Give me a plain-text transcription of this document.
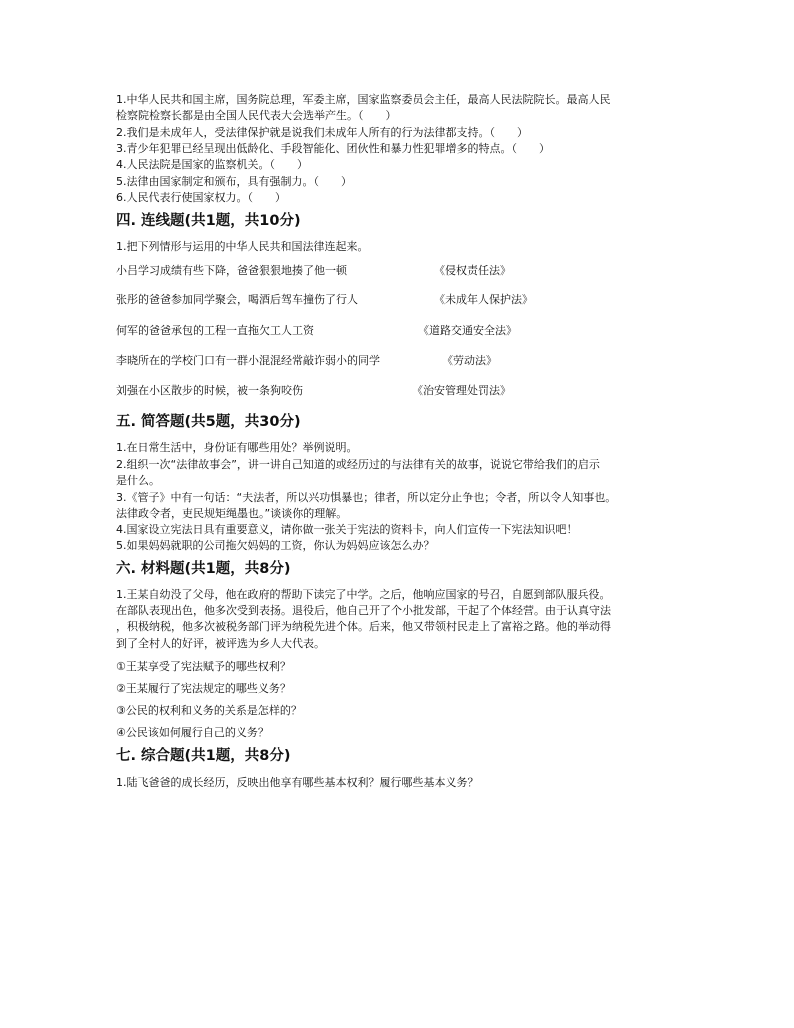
1.中华人民共和国主席，国务院总理，军委主席，国家监察委员会主任，最高人民法院院长。最高人民
检察院检察长都是由全国人民代表大会选举产生。（　　）
2.我们是未成年人，受法律保护就是说我们未成年人所有的行为法律都支持。（　　）
3.青少年犯罪已经呈现出低龄化、手段智能化、团伙性和暴力性犯罪增多的特点。（　　）
4.人民法院是国家的监察机关。（　　）
5.法律由国家制定和颁布，具有强制力。（　　）
6.人民代表行使国家权力。（　　）
四. 连线题(共1题，共10分)
1.把下列情形与运用的中华人民共和国法律连起来。
小吕学习成绩有些下降，爸爸狠狠地揍了他一顿	《侵权责任法》
张彤的爸爸参加同学聚会，喝酒后驾车撞伤了行人	《未成年人保护法》
何军的爸爸承包的工程一直拖欠工人工资	《道路交通安全法》
李晓所在的学校门口有一群小混混经常敲诈弱小的同学	《劳动法》
刘强在小区散步的时候，被一条狗咬伤	《治安管理处罚法》
五. 简答题(共5题，共30分)
1.在日常生活中，身份证有哪些用处？举例说明。
2.组织一次“法律故事会”，讲一讲自己知道的或经历过的与法律有关的故事，说说它带给我们的启示
是什么。
3.《管子》中有一句话：“夫法者，所以兴功惧暴也；律者，所以定分止争也；令者，所以令人知事也。
法律政令者，吏民规矩绳墨也。”谈谈你的理解。
4.国家设立宪法日具有重要意义，请你做一张关于宪法的资料卡，向人们宣传一下宪法知识吧！
5.如果妈妈就职的公司拖欠妈妈的工资，你认为妈妈应该怎么办？
六. 材料题(共1题，共8分)
1.王某自幼没了父母，他在政府的帮助下读完了中学。之后，他响应国家的号召，自愿到部队服兵役。
在部队表现出色，他多次受到表扬。退役后，他自己开了个小批发部，干起了个体经营。由于认真守法
，积极纳税，他多次被税务部门评为纳税先进个体。后来，他又带领村民走上了富裕之路。他的举动得
到了全村人的好评，被评选为乡人大代表。
①王某享受了宪法赋予的哪些权利？
②王某履行了宪法规定的哪些义务？
③公民的权利和义务的关系是怎样的？
④公民该如何履行自己的义务？
七. 综合题(共1题，共8分)
1.陆飞爸爸的成长经历，反映出他享有哪些基本权利？履行哪些基本义务？
